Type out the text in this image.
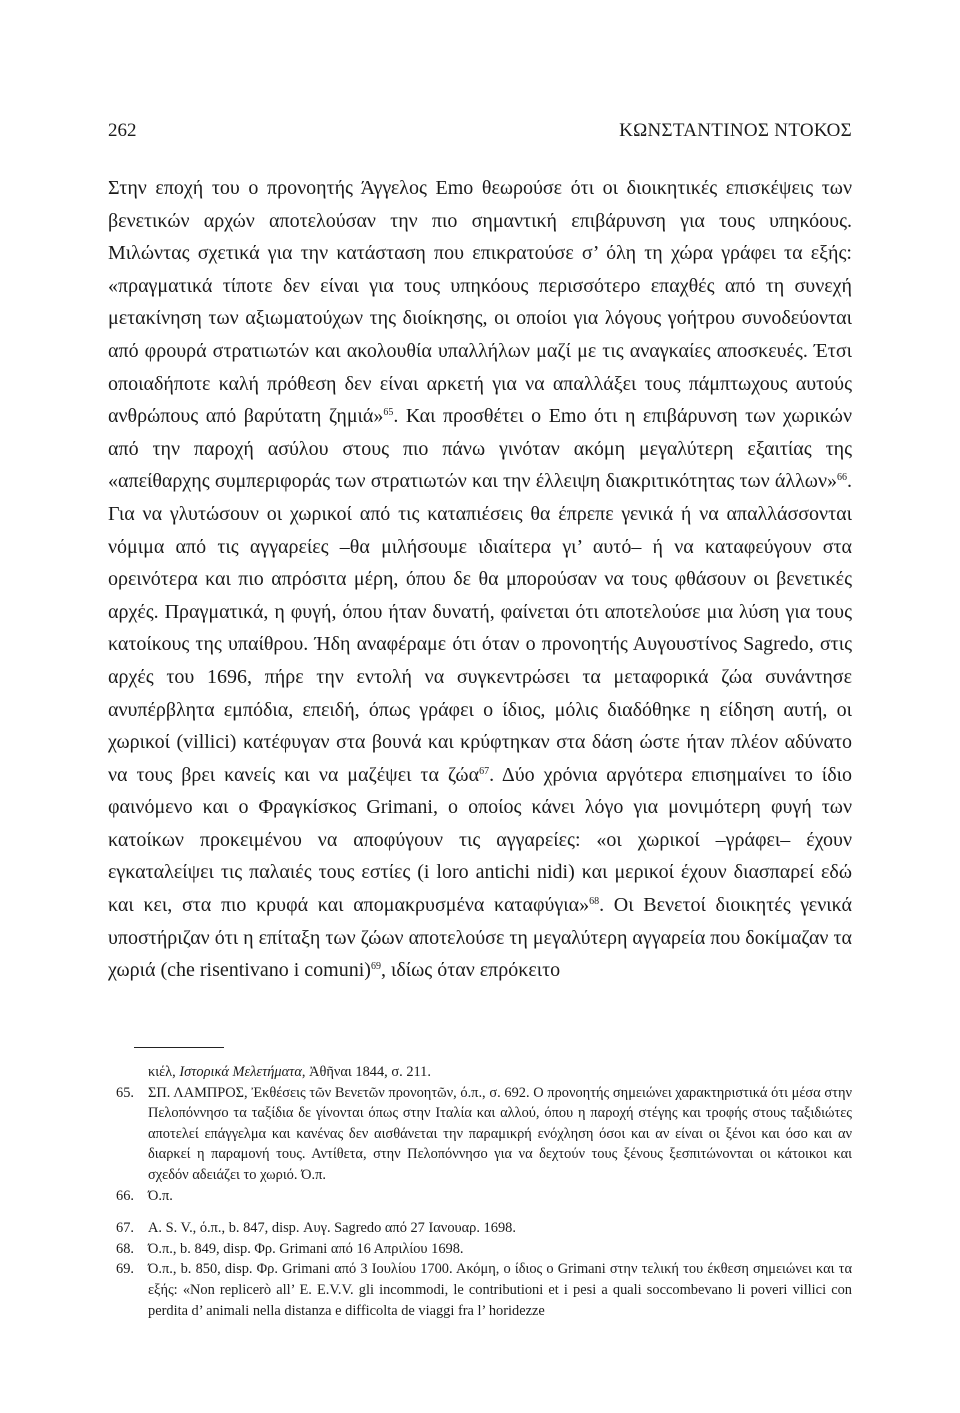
262	ΚΩΝΣΤΑΝΤΙΝΟΣ ΝΤΟΚΟΣ

Στην εποχή του ο προνοητής Άγγελος Emo θεωρούσε ότι οι διοικητικές επισκέψεις των βενετικών αρχών αποτελούσαν την πιο σημαντική επιβάρυνση για τους υπηκόους. Μιλώντας σχετικά για την κατάσταση που επικρατούσε σ’ όλη τη χώρα γράφει τα εξής: «πραγματικά τίποτε δεν είναι για τους υπηκόους περισσότερο επαχθές από τη συνεχή μετακίνηση των αξιωματούχων της διοίκησης, οι οποίοι για λόγους γοήτρου συνοδεύονται από φρουρά στρατιωτών και ακολουθία υπαλλήλων μαζί με τις αναγκαίες αποσκευές. Έτσι οποιαδήποτε καλή πρόθεση δεν είναι αρκετή για να απαλλάξει τους πάμπτωχους αυτούς ανθρώπους από βαρύτατη ζημιά»$^{65}$. Και προσθέτει ο Emo ότι η επιβάρυνση των χωρικών από την παροχή ασύλου στους πιο πάνω γινόταν ακόμη μεγαλύτερη εξαιτίας της «απείθαρχης συμπεριφοράς των στρατιωτών και την έλλειψη διακριτικότητας των άλλων»$^{66}$. Για να γλυτώσουν οι χωρικοί από τις καταπιέσεις θα έπρεπε γενικά ή να απαλλάσσονται νόμιμα από τις αγγαρείες –θα μιλήσουμε ιδιαίτερα γι’ αυτό– ή να καταφεύγουν στα ορεινότερα και πιο απρόσιτα μέρη, όπου δε θα μπορούσαν να τους φθάσουν οι βενετικές αρχές. Πραγματικά, η φυγή, όπου ήταν δυνατή, φαίνεται ότι αποτελούσε μια λύση για τους κατοίκους της υπαίθρου. Ήδη αναφέραμε ότι όταν ο προνοητής Αυγουστίνος Sagredo, στις αρχές του 1696, πήρε την εντολή να συγκεντρώσει τα μεταφορικά ζώα συνάντησε ανυπέρβλητα εμπόδια, επειδή, όπως γράφει ο ίδιος, μόλις διαδόθηκε η είδηση αυτή, οι χωρικοί (villici) κατέφυγαν στα βουνά και κρύφτηκαν στα δάση ώστε ήταν πλέον αδύνατο να τους βρει κανείς και να μαζέψει τα ζώα$^{67}$. Δύο χρόνια αργότερα επισημαίνει το ίδιο φαινόμενο και ο Φραγκίσκος Grimani, ο οποίος κάνει λόγο για μονιμότερη φυγή των κατοίκων προκειμένου να αποφύγουν τις αγγαρείες: «οι χωρικοί –γράφει– έχουν εγκαταλείψει τις παλαιές τους εστίες (i loro antichi nidi) και μερικοί έχουν διασπαρεί εδώ και κει, στα πιο κρυφά και απομακρυσμένα καταφύγια»$^{68}$. Οι Βενετοί διοικητές γενικά υποστήριζαν ότι η επίταξη των ζώων αποτελούσε τη μεγαλύτερη αγγαρεία που δοκίμαζαν τα χωριά (che risentivano i comuni)$^{69}$, ιδίως όταν επρόκειτο

κιέλ, Ιστορικά Μελετήματα, Ἀθῆναι 1844, σ. 211.
65. ΣΠ. ΛΑΜΠΡΟΣ, Ἐκθέσεις τῶν Βενετῶν προνοητῶν, ό.π., σ. 692. Ο προνοητής σημειώνει χαρακτηριστικά ότι μέσα στην Πελοπόννησο τα ταξίδια δε γίνονται όπως στην Ιταλία και αλλού, όπου η παροχή στέγης και τροφής στους ταξιδιώτες αποτελεί επάγγελμα και κανένας δεν αισθάνεται την παραμικρή ενόχληση όσοι και αν είναι οι ξένοι και όσο και αν διαρκεί η παραμονή τους. Αντίθετα, στην Πελοπόννησο για να δεχτούν τους ξένους ξεσπιτώνονται οι κάτοικοι και σχεδόν αδειάζει το χωριό. Ό.π.
66. Ό.π.
67. A. S. V., ό.π., b. 847, disp. Αυγ. Sagredo από 27 Ιανουαρ. 1698.
68. Ό.π., b. 849, disp. Φρ. Grimani από 16 Απριλίου 1698.
69. Ό.π., b. 850, disp. Φρ. Grimani από 3 Ιουλίου 1700. Ακόμη, ο ίδιος ο Grimani στην τελική του έκθεση σημειώνει και τα εξής: «Non replicerò all’ E. E.V.V. gli incommodi, le contributioni et i pesi a quali soccombevano li poveri villici con perdita d’ animali nella distanza e difficolta de viaggi fra l’ horidezze
